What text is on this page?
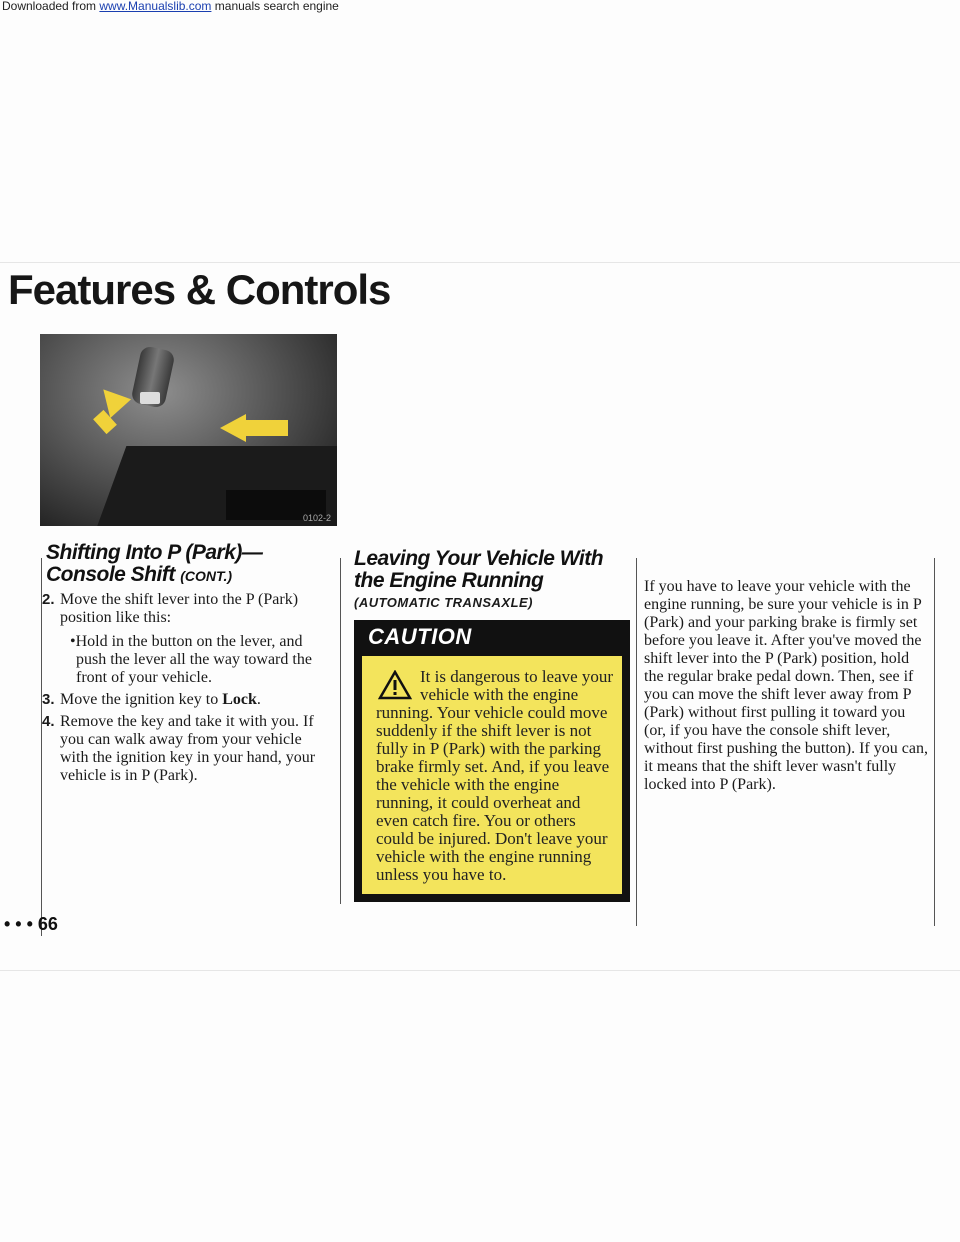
Downloaded from www.Manualslib.com manuals search engine
Features & Controls
0102-2
Shifting Into P (Park)—Console Shift (CONT.)
2. Move the shift lever into the P (Park) position like this:
•Hold in the button on the lever, and push the lever all the way toward the front of your vehicle.
3. Move the ignition key to Lock.
4. Remove the key and take it with you. If you can walk away from your vehicle with the ignition key in your hand, your vehicle is in P (Park).
Leaving Your Vehicle With the Engine Running
(AUTOMATIC TRANSAXLE)
CAUTION
It is dangerous to leave your vehicle with the engine running. Your vehicle could move suddenly if the shift lever is not fully in P (Park) with the parking brake firmly set. And, if you leave the vehicle with the engine running, it could overheat and even catch fire. You or others could be injured. Don't leave your vehicle with the engine running unless you have to.

If you have to leave your vehicle with the engine running, be sure your vehicle is in P (Park) and your parking brake is firmly set before you leave it. After you've moved the shift lever into the P (Park) position, hold the regular brake pedal down. Then, see if you can move the shift lever away from P (Park) without first pulling it toward you (or, if you have the console shift lever, without first pushing the button). If you can, it means that the shift lever wasn't fully locked into P (Park).

• • • 66
